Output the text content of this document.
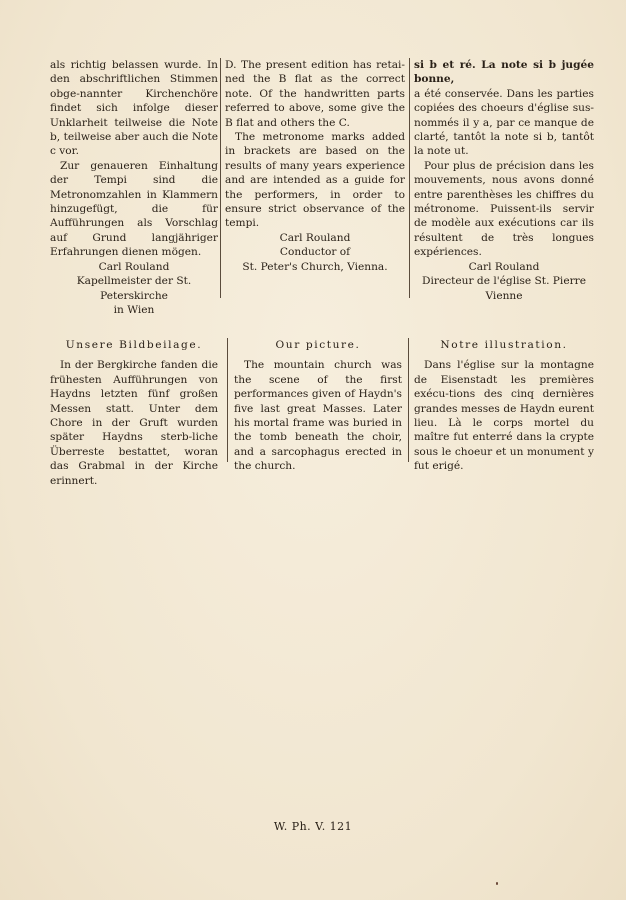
als richtig belassen wurde. In den abschriftlichen Stimmen obge-nannter Kirchenchöre findet sich infolge dieser Unklarheit teilweise die Note b, teilweise aber auch die Note c vor.

Zur genaueren Einhaltung der Tempi sind die Metronomzahlen in Klammern hinzugefügt, die für Aufführungen als Vorschlag auf Grund langjähriger Erfahrungen dienen mögen.

Carl Rouland
Kapellmeister der St. Peterskirche
in Wien

D. The present edition has retai-ned the B flat as the correct note. Of the handwritten parts referred to above, some give the B flat and others the C.

The metronome marks added in brackets are based on the results of many years experience and are intended as a guide for the performers, in order to ensure strict observance of the tempi.

Carl Rouland
Conductor of
St. Peter's Church, Vienna.

si b et ré. La note si b jugée bonne,

a été conservée. Dans les parties copiées des choeurs d'église sus-nommés il y a, par ce manque de clarté, tantôt la note si b, tantôt la note ut.

Pour plus de précision dans les mouvements, nous avons donné entre parenthèses les chiffres du métronome. Puissent-ils servir de modèle aux exécutions car ils résultent de très longues expériences.

Carl Rouland
Directeur de l'église St. Pierre
Vienne
Unsere Bildbeilage.

In der Bergkirche fanden die frühesten Aufführungen von Haydns letzten fünf großen Messen statt. Unter dem Chore in der Gruft wurden später Haydns sterb-liche Überreste bestattet, woran das Grabmal in der Kirche erinnert.

Our picture.

The mountain church was the scene of the first performances given of Haydn's five last great Masses. Later his mortal frame was buried in the tomb beneath the choir, and a sarcophagus erected in the church.

Notre illustration.

Dans l'église sur la montagne de Eisenstadt les premières exécu-tions des cinq dernières grandes messes de Haydn eurent lieu. Là le corps mortel du maître fut enterré dans la crypte sous le choeur et un monument y fut erigé.

W. Ph. V. 121
